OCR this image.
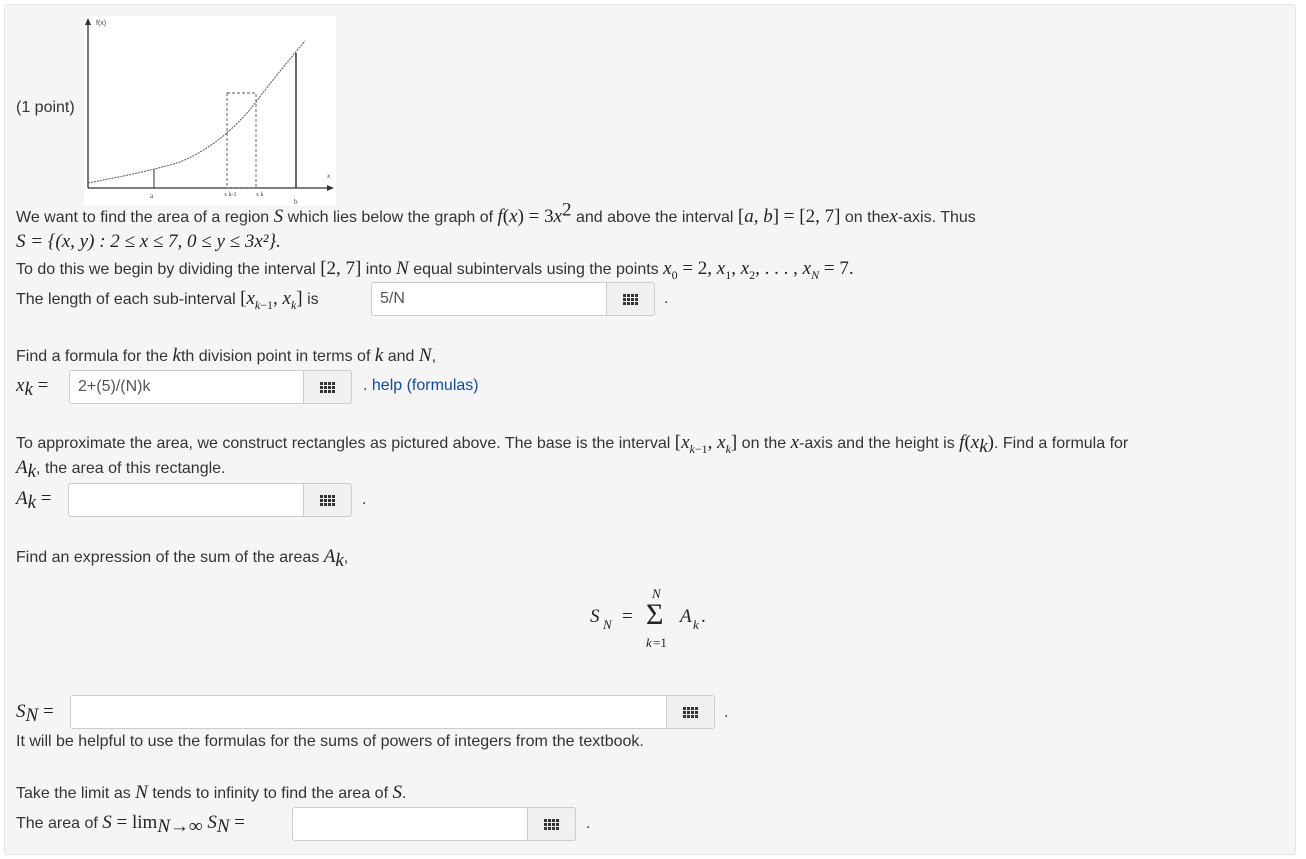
(1 point)
f(x)
x
a	x k-1	x k
b
We want to find the area of a region S which lies below the graph of $f(x) = 3x^2$ and above the interval [a, b] = [2, 7] on thex-axis. Thus
S = {(x, y) : 2 ≤ x ≤ 7, 0 ≤ y ≤ 3x²}.
To do this we begin by dividing the interval [2, 7] into N equal subintervals using the points $x_0 = 2$, $x_1$, $x_2$, . . . , $x_N = 7$.
The length of each sub-interval [$x_{k-1}$, $x_k$] is
5/N	.
Find a formula for the kth division point in terms of k and N,
$x_k$ =
2+(5)/(N)k	. help (formulas)
To approximate the area, we construct rectangles as pictured above. The base is the interval [$x_{k-1}$, $x_k$] on the x-axis and the height is $f(x_k)$. Find a formula for
$A_k$, the area of this rectangle.
$A_k$ =	.
Find an expression of the sum of the areas $A_k$,
S N =
N
Σ
k =1
A k .
$S_N$ =	.
It will be helpful to use the formulas for the sums of powers of integers from the textbook.
Take the limit as N tends to infinity to find the area of S.
The area of $S = \lim_{N\to\infty} S_N$ =	.
